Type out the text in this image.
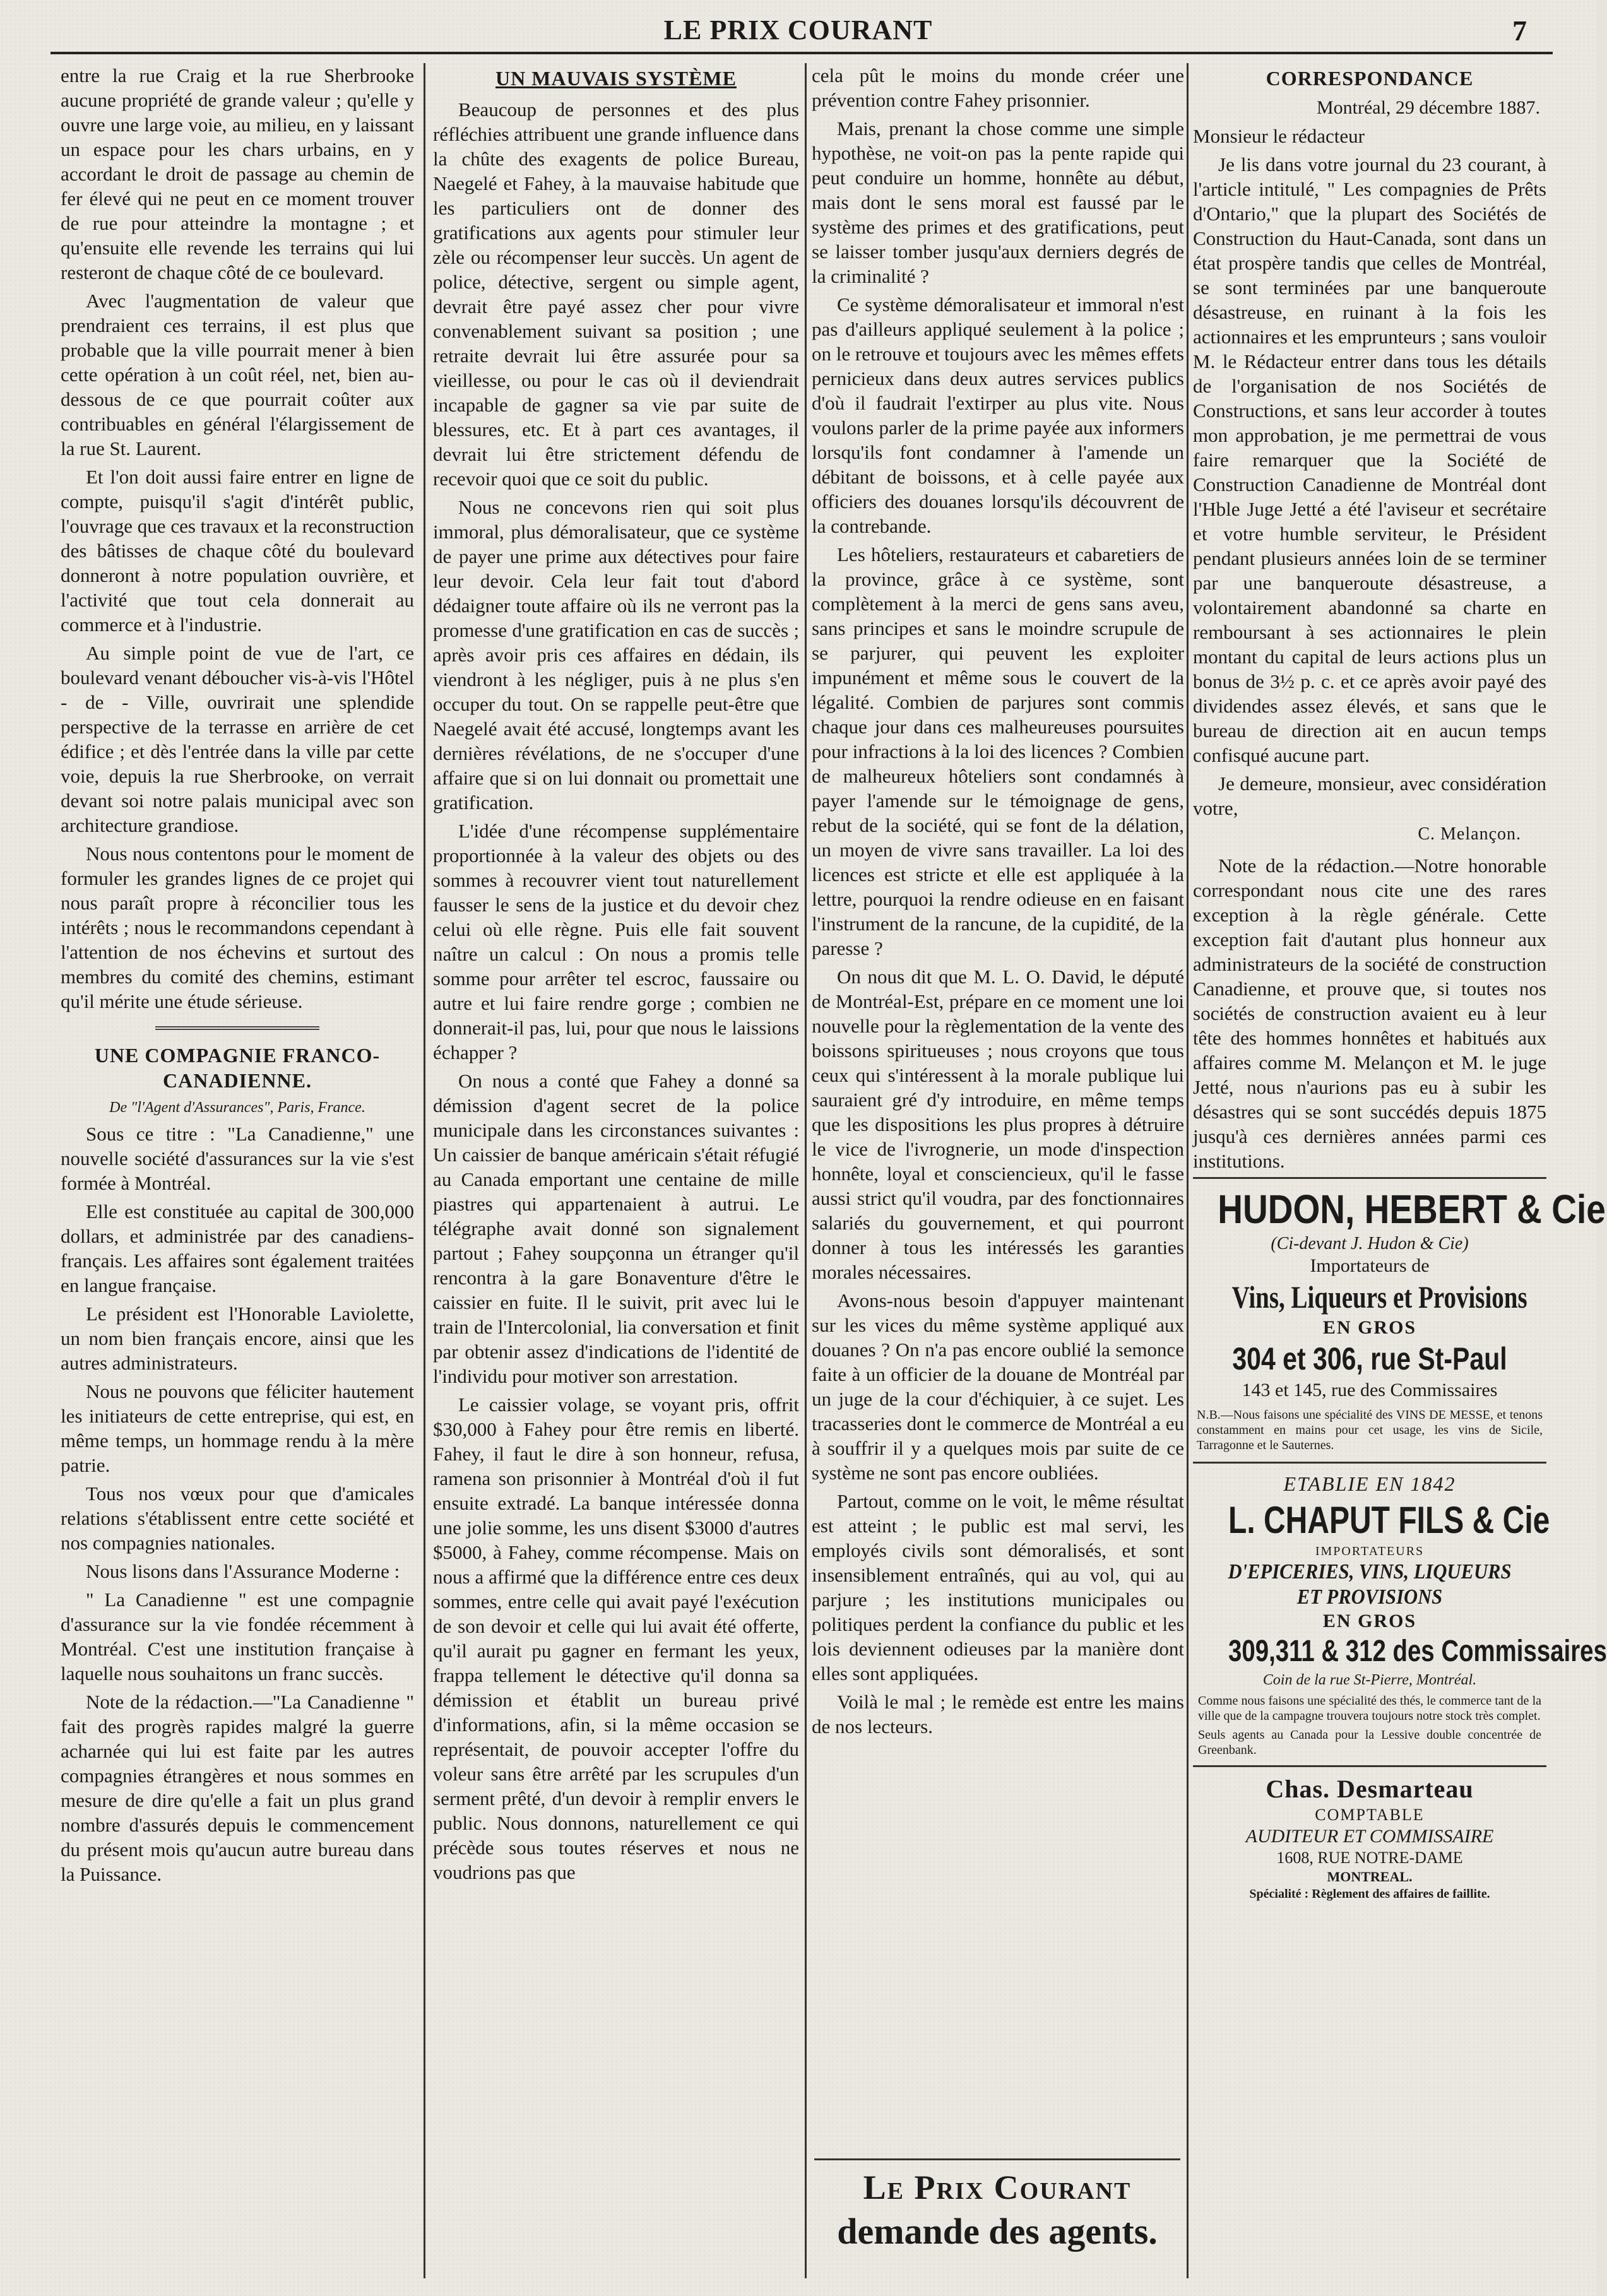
LE PRIX COURANT	7

entre la rue Craig et la rue Sherbrooke aucune propriété de grande valeur ; qu'elle y ouvre une large voie, au milieu, en y laissant un espace pour les chars urbains, en y accordant le droit de passage au chemin de fer élevé qui ne peut en ce moment trouver de rue pour atteindre la montagne ; et qu'ensuite elle revende les terrains qui lui resteront de chaque côté de ce boulevard.

Avec l'augmentation de valeur que prendraient ces terrains, il est plus que probable que la ville pourrait mener à bien cette opération à un coût réel, net, bien au-dessous de ce que pourrait coûter aux contribuables en général l'élargissement de la rue St. Laurent.

Et l'on doit aussi faire entrer en ligne de compte, puisqu'il s'agit d'intérêt public, l'ouvrage que ces travaux et la reconstruction des bâtisses de chaque côté du boulevard donneront à notre population ouvrière, et l'activité que tout cela donnerait au commerce et à l'industrie.

Au simple point de vue de l'art, ce boulevard venant déboucher vis-à-vis l'Hôtel - de - Ville, ouvrirait une splendide perspective de la terrasse en arrière de cet édifice ; et dès l'entrée dans la ville par cette voie, depuis la rue Sherbrooke, on verrait devant soi notre palais municipal avec son architecture grandiose.

Nous nous contentons pour le moment de formuler les grandes lignes de ce projet qui nous paraît propre à réconcilier tous les intérêts ; nous le recommandons cependant à l'attention de nos échevins et surtout des membres du comité des chemins, estimant qu'il mérite une étude sérieuse.

UNE COMPAGNIE FRANCO-
CANADIENNE.
De "l'Agent d'Assurances", Paris, France.

Sous ce titre : "La Canadienne," une nouvelle société d'assurances sur la vie s'est formée à Montréal.

Elle est constituée au capital de 300,000 dollars, et administrée par des canadiens-français. Les affaires sont également traitées en langue française.

Le président est l'Honorable Laviolette, un nom bien français encore, ainsi que les autres administrateurs.

Nous ne pouvons que féliciter hautement les initiateurs de cette entreprise, qui est, en même temps, un hommage rendu à la mère patrie.

Tous nos vœux pour que d'amicales relations s'établissent entre cette société et nos compagnies nationales.

Nous lisons dans l'Assurance Moderne :

" La Canadienne " est une compagnie d'assurance sur la vie fondée récemment à Montréal. C'est une institution française à laquelle nous souhaitons un franc succès.

Note de la rédaction.—"La Canadienne " fait des progrès rapides malgré la guerre acharnée qui lui est faite par les autres compagnies étrangères et nous sommes en mesure de dire qu'elle a fait un plus grand nombre d'assurés depuis le commencement du présent mois qu'aucun autre bureau dans la Puissance.

UN MAUVAIS SYSTÈME

Beaucoup de personnes et des plus réfléchies attribuent une grande influence dans la chûte des exagents de police Bureau, Naegelé et Fahey, à la mauvaise habitude que les particuliers ont de donner des gratifications aux agents pour stimuler leur zèle ou récompenser leur succès. Un agent de police, détective, sergent ou simple agent, devrait être payé assez cher pour vivre convenablement suivant sa position ; une retraite devrait lui être assurée pour sa vieillesse, ou pour le cas où il deviendrait incapable de gagner sa vie par suite de blessures, etc. Et à part ces avantages, il devrait lui être strictement défendu de recevoir quoi que ce soit du public.

Nous ne concevons rien qui soit plus immoral, plus démoralisateur, que ce système de payer une prime aux détectives pour faire leur devoir. Cela leur fait tout d'abord dédaigner toute affaire où ils ne verront pas la promesse d'une gratification en cas de succès ; après avoir pris ces affaires en dédain, ils viendront à les négliger, puis à ne plus s'en occuper du tout. On se rappelle peut-être que Naegelé avait été accusé, longtemps avant les dernières révélations, de ne s'occuper d'une affaire que si on lui donnait ou promettait une gratification.

L'idée d'une récompense supplémentaire proportionnée à la valeur des objets ou des sommes à recouvrer vient tout naturellement fausser le sens de la justice et du devoir chez celui où elle règne. Puis elle fait souvent naître un calcul : On nous a promis telle somme pour arrêter tel escroc, faussaire ou autre et lui faire rendre gorge ; combien ne donnerait-il pas, lui, pour que nous le laissions échapper ?

On nous a conté que Fahey a donné sa démission d'agent secret de la police municipale dans les circonstances suivantes : Un caissier de banque américain s'était réfugié au Canada emportant une centaine de mille piastres qui appartenaient à autrui. Le télégraphe avait donné son signalement partout ; Fahey soupçonna un étranger qu'il rencontra à la gare Bonaventure d'être le caissier en fuite. Il le suivit, prit avec lui le train de l'Intercolonial, lia conversation et finit par obtenir assez d'indications de l'identité de l'individu pour motiver son arrestation.

Le caissier volage, se voyant pris, offrit $30,000 à Fahey pour être remis en liberté. Fahey, il faut le dire à son honneur, refusa, ramena son prisonnier à Montréal d'où il fut ensuite extradé. La banque intéressée donna une jolie somme, les uns disent $3000 d'autres $5000, à Fahey, comme récompense. Mais on nous a affirmé que la différence entre ces deux sommes, entre celle qui avait payé l'exécution de son devoir et celle qui lui avait été offerte, qu'il aurait pu gagner en fermant les yeux, frappa tellement le détective qu'il donna sa démission et établit un bureau privé d'informations, afin, si la même occasion se représentait, de pouvoir accepter l'offre du voleur sans être arrêté par les scrupules d'un serment prêté, d'un devoir à remplir envers le public. Nous donnons, naturellement ce qui précède sous toutes réserves et nous ne voudrions pas que

cela pût le moins du monde créer une prévention contre Fahey prisonnier.

Mais, prenant la chose comme une simple hypothèse, ne voit-on pas la pente rapide qui peut conduire un homme, honnête au début, mais dont le sens moral est faussé par le système des primes et des gratifications, peut se laisser tomber jusqu'aux derniers degrés de la criminalité ?

Ce système démoralisateur et immoral n'est pas d'ailleurs appliqué seulement à la police ; on le retrouve et toujours avec les mêmes effets pernicieux dans deux autres services publics d'où il faudrait l'extirper au plus vite. Nous voulons parler de la prime payée aux informers lorsqu'ils font condamner à l'amende un débitant de boissons, et à celle payée aux officiers des douanes lorsqu'ils découvrent de la contrebande.

Les hôteliers, restaurateurs et cabaretiers de la province, grâce à ce système, sont complètement à la merci de gens sans aveu, sans principes et sans le moindre scrupule de se parjurer, qui peuvent les exploiter impunément et même sous le couvert de la légalité. Combien de parjures sont commis chaque jour dans ces malheureuses poursuites pour infractions à la loi des licences ? Combien de malheureux hôteliers sont condamnés à payer l'amende sur le témoignage de gens, rebut de la société, qui se font de la délation, un moyen de vivre sans travailler. La loi des licences est stricte et elle est appliquée à la lettre, pourquoi la rendre odieuse en en faisant l'instrument de la rancune, de la cupidité, de la paresse ?

On nous dit que M. L. O. David, le député de Montréal-Est, prépare en ce moment une loi nouvelle pour la règlementation de la vente des boissons spiritueuses ; nous croyons que tous ceux qui s'intéressent à la morale publique lui sauraient gré d'y introduire, en même temps que les dispositions les plus propres à détruire le vice de l'ivrognerie, un mode d'inspection honnête, loyal et consciencieux, qu'il le fasse aussi strict qu'il voudra, par des fonctionnaires salariés du gouvernement, et qui pourront donner à tous les intéressés les garanties morales nécessaires.

Avons-nous besoin d'appuyer maintenant sur les vices du même système appliqué aux douanes ? On n'a pas encore oublié la semonce faite à un officier de la douane de Montréal par un juge de la cour d'échiquier, à ce sujet. Les tracasseries dont le commerce de Montréal a eu à souffrir il y a quelques mois par suite de ce système ne sont pas encore oubliées.

Partout, comme on le voit, le même résultat est atteint ; le public est mal servi, les employés civils sont démoralisés, et sont insensiblement entraînés, qui au vol, qui au parjure ; les institutions municipales ou politiques perdent la confiance du public et les lois deviennent odieuses par la manière dont elles sont appliquées.

Voilà le mal ; le remède est entre les mains de nos lecteurs.

Le Prix Courant
demande des agents.
CORRESPONDANCE
Montréal, 29 décembre 1887.

Monsieur le rédacteur

Je lis dans votre journal du 23 courant, à l'article intitulé, " Les compagnies de Prêts d'Ontario," que la plupart des Sociétés de Construction du Haut-Canada, sont dans un état prospère tandis que celles de Montréal, se sont terminées par une banqueroute désastreuse, en ruinant à la fois les actionnaires et les emprunteurs ; sans vouloir M. le Rédacteur entrer dans tous les détails de l'organisation de nos Sociétés de Constructions, et sans leur accorder à toutes mon approbation, je me permettrai de vous faire remarquer que la Société de Construction Canadienne de Montréal dont l'Hble Juge Jetté a été l'aviseur et secrétaire et votre humble serviteur, le Président pendant plusieurs années loin de se terminer par une banqueroute désastreuse, a volontairement abandonné sa charte en remboursant à ses actionnaires le plein montant du capital de leurs actions plus un bonus de 3½ p. c. et ce après avoir payé des dividendes assez élevés, et sans que le bureau de direction ait en aucun temps confisqué aucune part.

Je demeure, monsieur, avec considération votre,

C. Melançon.

Note de la rédaction.—Notre honorable correspondant nous cite une des rares exception à la règle générale. Cette exception fait d'autant plus honneur aux administrateurs de la société de construction Canadienne, et prouve que, si toutes nos sociétés de construction avaient eu à leur tête des hommes honnêtes et habitués aux affaires comme M. Melançon et M. le juge Jetté, nous n'aurions pas eu à subir les désastres qui se sont succédés depuis 1875 jusqu'à ces dernières années parmi ces institutions.

HUDON, HEBERT & Cie
(Ci-devant J. Hudon & Cie)
Importateurs de
Vins, Liqueurs et Provisions
EN GROS
304 et 306, rue St-Paul
143 et 145, rue des Commissaires
N.B.—Nous faisons une spécialité des VINS DE MESSE, et tenons constamment en mains pour cet usage, les vins de Sicile, Tarragonne et le Sauternes.
ETABLIE EN 1842
L. CHAPUT FILS & Cie
IMPORTATEURS
D'EPICERIES, VINS, LIQUEURS
ET PROVISIONS
EN GROS
309,311 & 312 des Commissaires
Coin de la rue St-Pierre, Montréal.
Comme nous faisons une spécialité des thés, le commerce tant de la ville que de la campagne trouvera toujours notre stock très complet.
Seuls agents au Canada pour la Lessive double concentrée de Greenbank.
Chas. Desmarteau
COMPTABLE
AUDITEUR ET COMMISSAIRE
1608, RUE NOTRE-DAME
MONTREAL.
Spécialité : Règlement des affaires de faillite.
